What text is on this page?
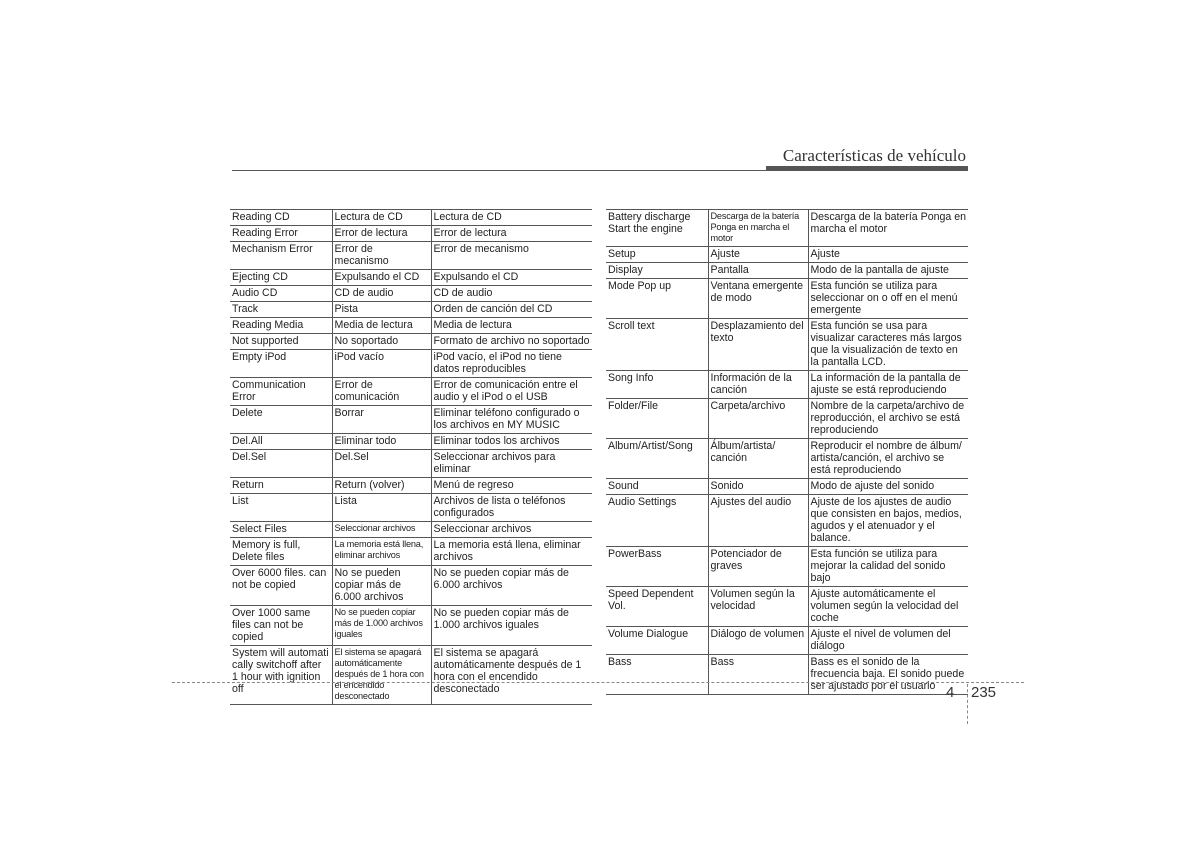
Características de vehículo
Reading CD	Lectura de CD	Lectura de CD
Reading Error	Error de lectura	Error de lectura
Mechanism Error	Error de mecanismo	Error de mecanismo
Ejecting CD	Expulsando el CD	Expulsando el CD
Audio CD	CD de audio	CD de audio
Track	Pista	Orden de canción del CD
Reading Media	Media de lectura	Media de lectura
Not supported	No soportado	Formato de archivo no soportado
Empty iPod	iPod vacío	iPod vacío, el iPod no tiene datos reproducibles
Communication Error	Error de comunicación	Error de comunicación entre el audio y el iPod o el USB
Delete	Borrar	Eliminar teléfono configurado o los archivos en MY MUSIC
Del.All	Eliminar todo	Eliminar todos los archivos
Del.Sel	Del.Sel	Seleccionar archivos para eliminar
Return	Return (volver)	Menú de regreso
List	Lista	Archivos de lista o teléfonos configurados
Select Files	Seleccionar archivos	Seleccionar archivos
Memory is full, Delete files	La memoria está llena, eliminar archivos	La memoria está llena, eliminar archivos
Over 6000 files. can not be copied	No se pueden copiar más de 6.000 archivos	No se pueden copiar más de 6.000 archivos
Over 1000 same files can not be copied	No se pueden copiar más de 1.000 archivos iguales	No se pueden copiar más de 1.000 archivos iguales
System will automati cally switchoff after 1 hour with ignition off	El sistema se apagará automáticamente después de 1 hora con el encendido desconectado	El sistema se apagará automáticamente después de 1 hora con el encendido desconectado
Battery discharge Start the engine	Descarga de la batería Ponga en marcha el motor	Descarga de la batería Ponga en marcha el motor
Setup	Ajuste	Ajuste
Display	Pantalla	Modo de la pantalla de ajuste
Mode Pop up	Ventana emergente de modo	Esta función se utiliza para seleccionar on o off en el menú emergente
Scroll text	Desplazamiento del texto	Esta función se usa para visualizar caracteres más largos que la visualización de texto en la pantalla LCD.
Song Info	Información de la canción	La información de la pantalla de ajuste se está reproduciendo
Folder/File	Carpeta/archivo	Nombre de la carpeta/archivo de reproducción, el archivo se está reproduciendo
Album/Artist/Song	Álbum/artista/ canción	Reproducir el nombre de álbum/ artista/canción, el archivo se está reproduciendo
Sound	Sonido	Modo de ajuste del sonido
Audio Settings	Ajustes del audio	Ajuste de los ajustes de audio que consisten en bajos, medios, agudos y el atenuador y el balance.
PowerBass	Potenciador de graves	Esta función se utiliza para mejorar la calidad del sonido bajo
Speed Dependent Vol.	Volumen según la velocidad	Ajuste automáticamente el volumen según la velocidad del coche
Volume Dialogue	Diálogo de volumen	Ajuste el nivel de volumen del diálogo
Bass	Bass	Bass es el sonido de la frecuencia baja. El sonido puede ser ajustado por el usuario 4 235
